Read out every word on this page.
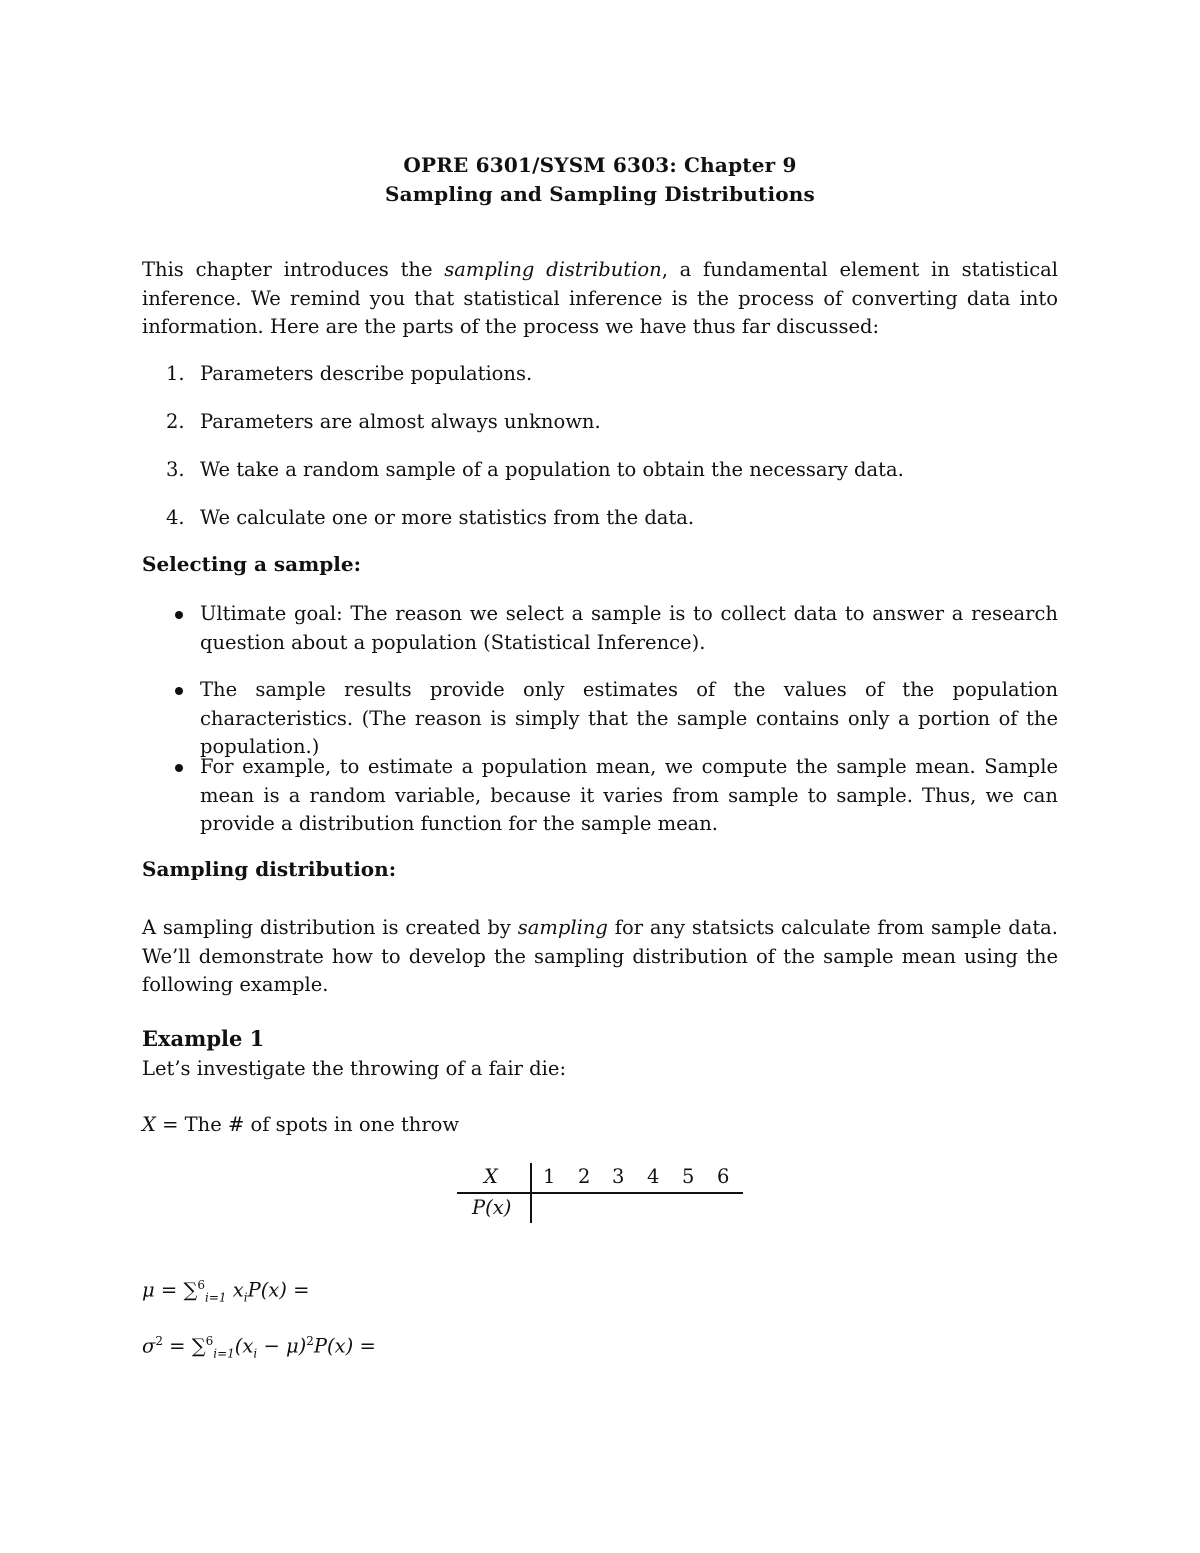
OPRE 6301/SYSM 6303: Chapter 9
Sampling and Sampling Distributions
This chapter introduces the sampling distribution, a fundamental element in statistical inference. We remind you that statistical inference is the process of converting data into information. Here are the parts of the process we have thus far discussed:
1. Parameters describe populations.
2. Parameters are almost always unknown.
3. We take a random sample of a population to obtain the necessary data.
4. We calculate one or more statistics from the data.
Selecting a sample:
Ultimate goal: The reason we select a sample is to collect data to answer a research question about a population (Statistical Inference).
The sample results provide only estimates of the values of the population characteristics. (The reason is simply that the sample contains only a portion of the population.)
For example, to estimate a population mean, we compute the sample mean. Sample mean is a random variable, because it varies from sample to sample. Thus, we can provide a distribution function for the sample mean.
Sampling distribution:
A sampling distribution is created by sampling for any statsicts calculate from sample data. We’ll demonstrate how to develop the sampling distribution of the sample mean using the following example.
Example 1
Let’s investigate the throwing of a fair die:
X = The # of spots in one throw
X 1 2 3 4 5 6
P(x)
μ = ∑$^6_{i=1}$ $x_iP(x)$ =
$\sigma^2 = \sum^6_{i=1}(x_i - \mu)^2P(x)$ =
